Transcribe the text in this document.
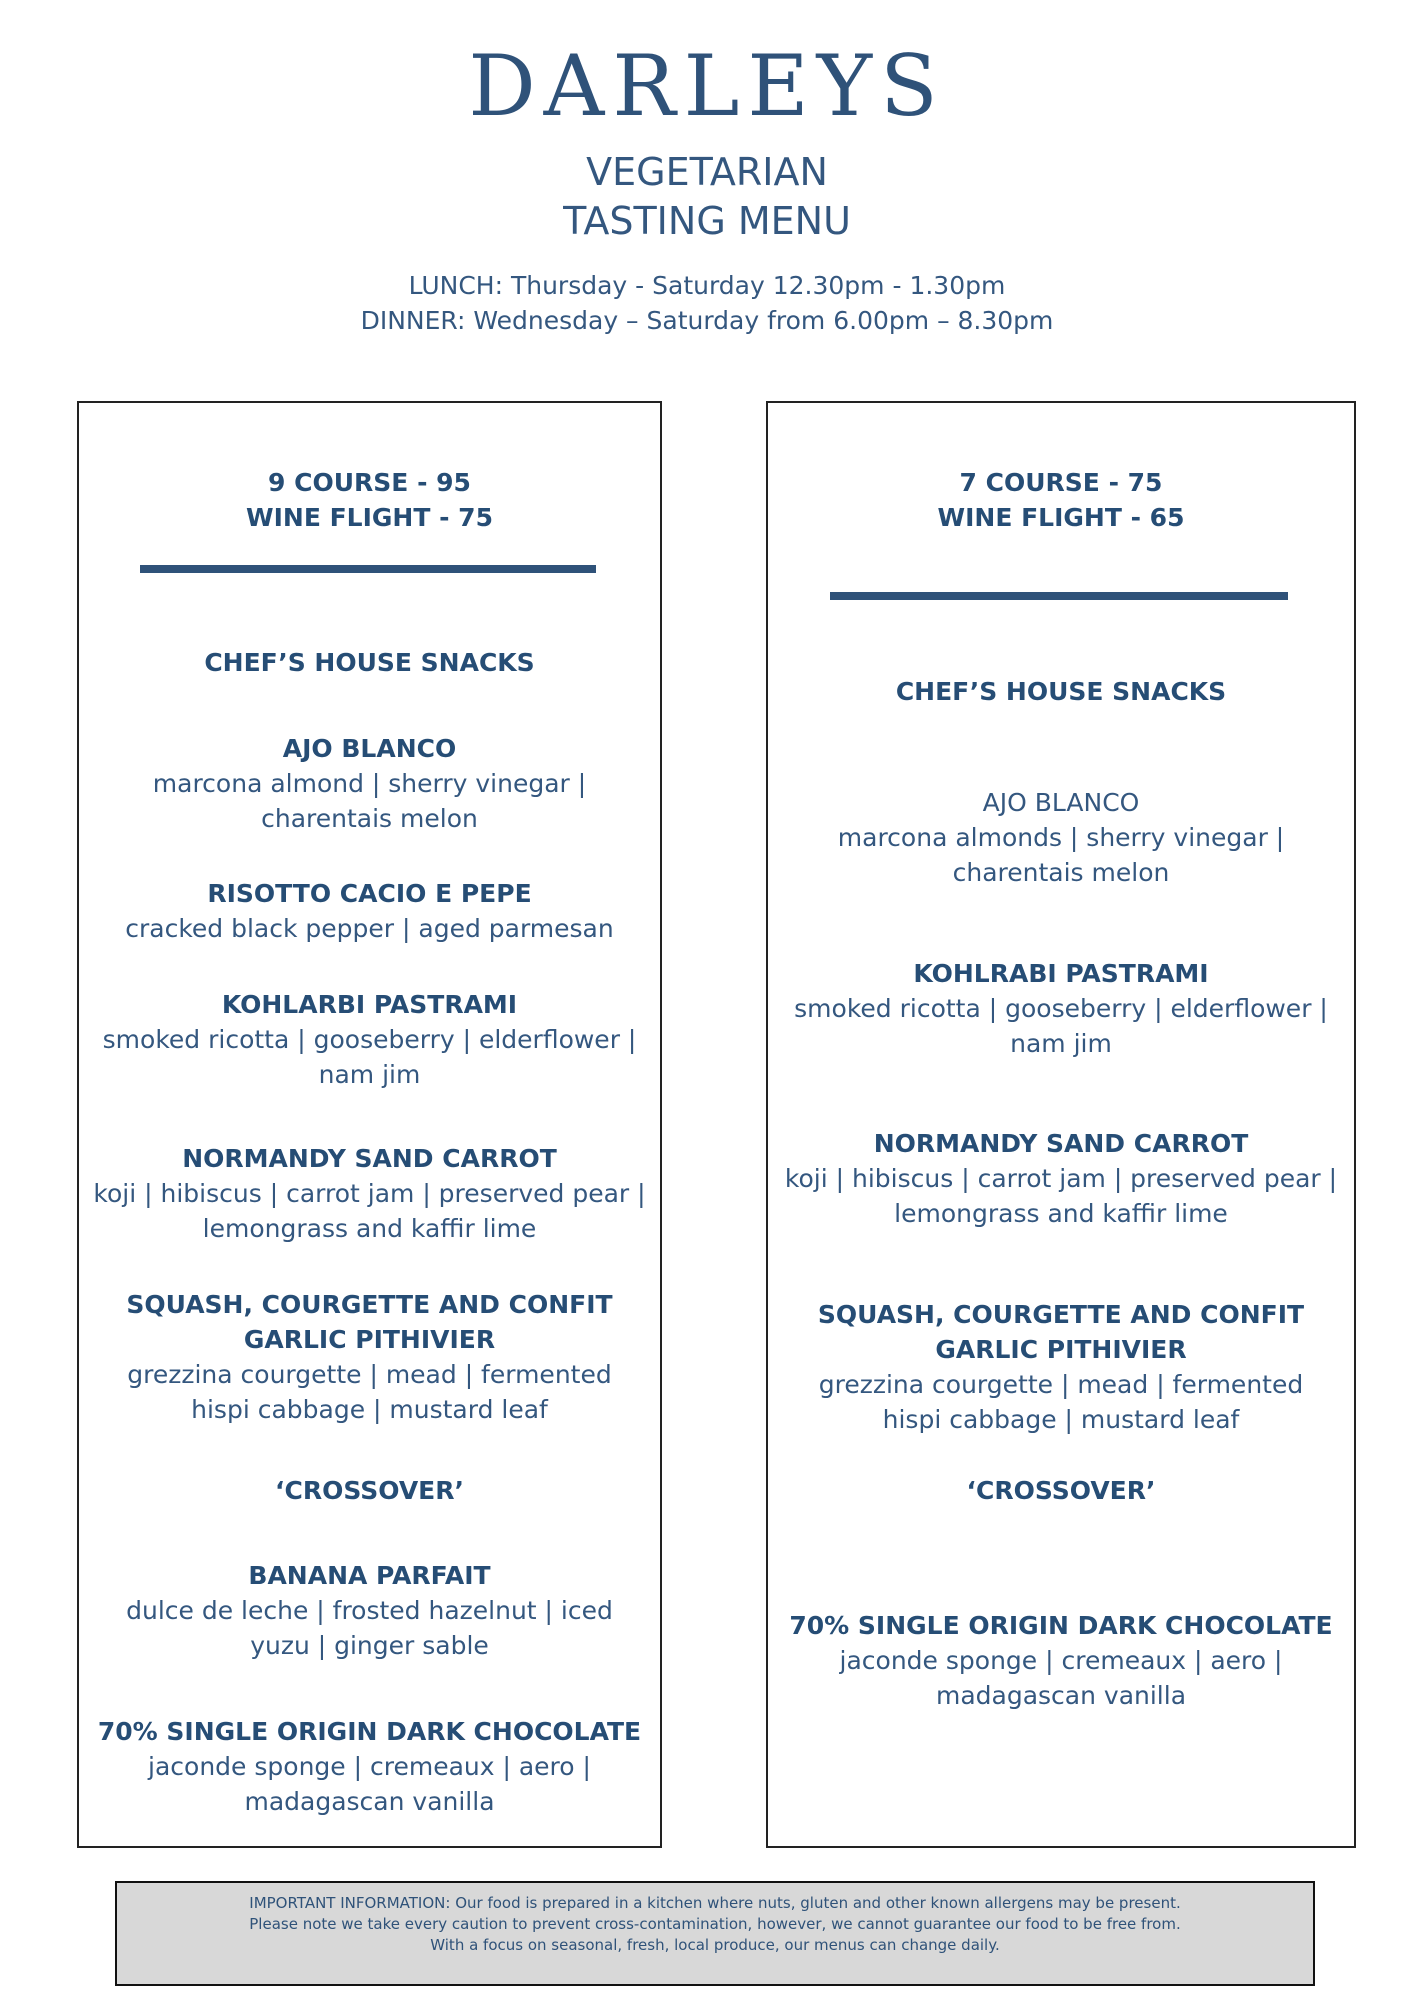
DARLEYS
VEGETARIAN
TASTING MENU
LUNCH: Thursday - Saturday 12.30pm - 1.30pm
DINNER: Wednesday – Saturday from 6.00pm – 8.30pm
9 COURSE - 95
WINE FLIGHT - 75
CHEF’S HOUSE SNACKS
AJO BLANCO
marcona almond | sherry vinegar | charentais melon
RISOTTO CACIO E PEPE
cracked black pepper | aged parmesan
KOHLARBI PASTRAMI
smoked ricotta | gooseberry | elderflower | nam jim
NORMANDY SAND CARROT
koji | hibiscus | carrot jam | preserved pear | lemongrass and kaffir lime
SQUASH, COURGETTE AND CONFIT GARLIC PITHIVIER
grezzina courgette | mead | fermented hispi cabbage | mustard leaf
‘CROSSOVER’
BANANA PARFAIT
dulce de leche | frosted hazelnut | iced yuzu | ginger sable
70% SINGLE ORIGIN DARK CHOCOLATE
jaconde sponge | cremeaux | aero | madagascan vanilla
7 COURSE - 75
WINE FLIGHT - 65
CHEF’S HOUSE SNACKS
AJO BLANCO
marcona almonds | sherry vinegar | charentais melon
KOHLRABI PASTRAMI
smoked ricotta | gooseberry | elderflower | nam jim
NORMANDY SAND CARROT
koji | hibiscus | carrot jam | preserved pear | lemongrass and kaffir lime
SQUASH, COURGETTE AND CONFIT GARLIC PITHIVIER
grezzina courgette | mead | fermented hispi cabbage | mustard leaf
‘CROSSOVER’
70% SINGLE ORIGIN DARK CHOCOLATE
jaconde sponge | cremeaux | aero | madagascan vanilla
IMPORTANT INFORMATION: Our food is prepared in a kitchen where nuts, gluten and other known allergens may be present.
Please note we take every caution to prevent cross-contamination, however, we cannot guarantee our food to be free from.
With a focus on seasonal, fresh, local produce, our menus can change daily.
